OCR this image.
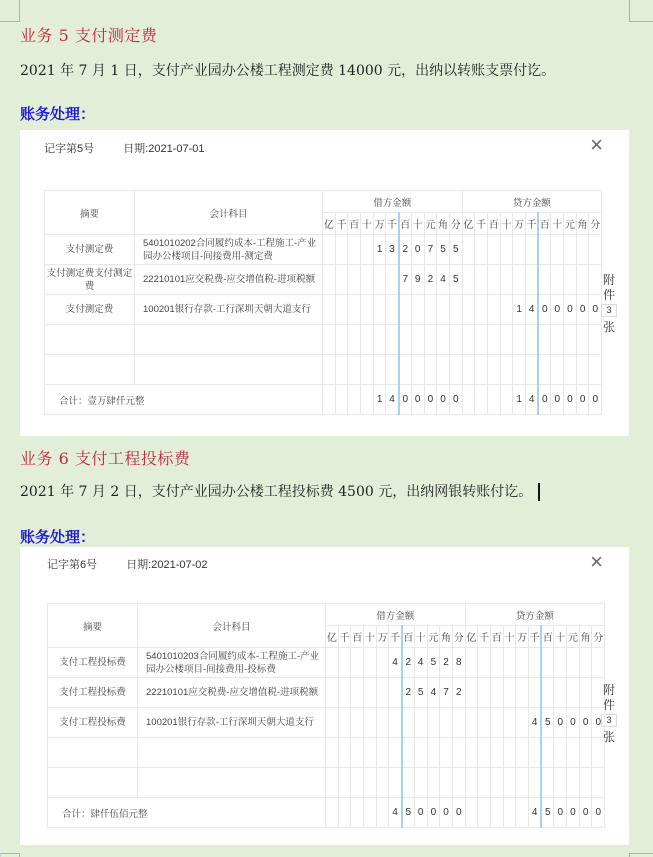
业务 5 支付测定费
2021 年 7 月 1 日，支付产业园办公楼工程测定费 14000 元，出纳以转账支票付讫。
账务处理：
记字第5号	日期:2021-07-01	×
摘要	会计科目	借方金额											贷方金额										
		亿	千	百	十	万	千	百	十	元	角	分	亿	千	百	十	万	千	百	十	元	角	分
支付测定费	5401010202合同履约成本-工程施工-产业园办公楼项目-间接费用-测定费					1	3	2	0	7	5	5											
支付测定费支付测定费	22210101应交税费-应交增值税-进项税额							7	9	2	4	5											
支付测定费	100201银行存款-工行深圳天朝大道支行																1	4	0	0	0	0	0

合计：壹万肆仟元整						1	4	0	0	0	0	0					1	4	0	0	0	0	0
附
件
3
张
业务 6 支付工程投标费
2021 年 7 月 2 日，支付产业园办公楼工程投标费 4500 元，出纳网银转账付讫。
账务处理：
记字第6号	日期:2021-07-02	×
摘要	会计科目	借方金额											贷方金额										
		亿	千	百	十	万	千	百	十	元	角	分	亿	千	百	十	万	千	百	十	元	角	分
支付工程投标费	5401010203合同履约成本-工程施工-产业园办公楼项目-间接费用-投标费						4	2	4	5	2	8											
支付工程投标费	22210101应交税费-应交增值税-进项税额							2	5	4	7	2											
支付工程投标费	100201银行存款-工行深圳天朝大道支行																	4	5	0	0	0	0

合计：肆仟伍佰元整							4	5	0	0	0	0						4	5	0	0	0	0
附
件
3
张
